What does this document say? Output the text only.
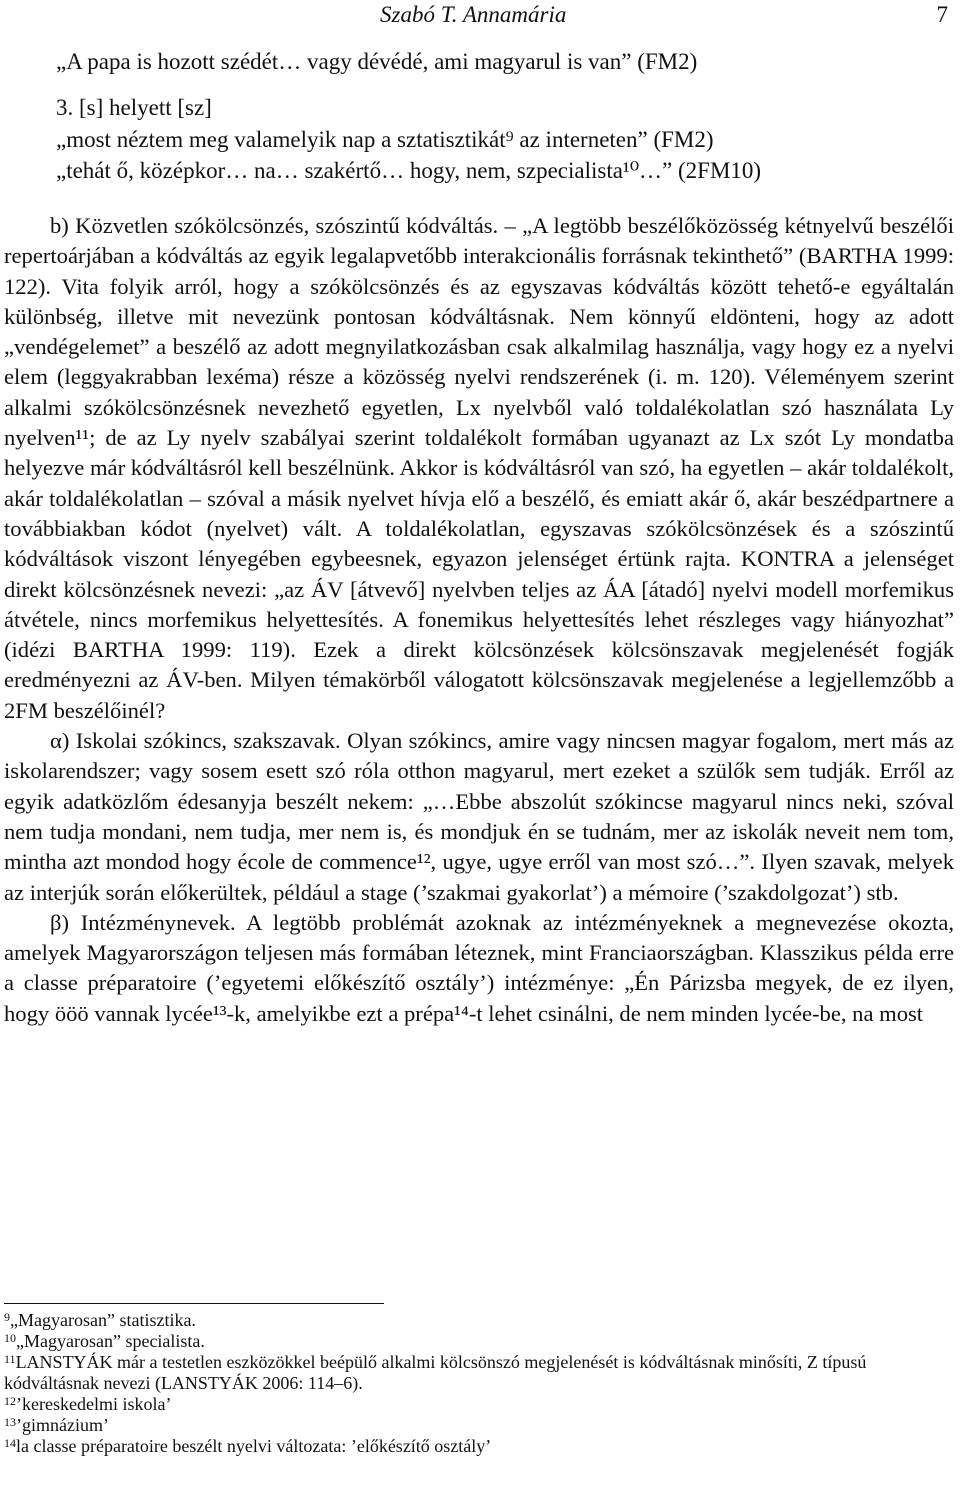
Szabó T. Annamária	7
„A papa is hozott szédét… vagy dévédé, ami magyarul is van” (FM2)
3. [s] helyett [sz]
„most néztem meg valamelyik nap a sztatisztikát⁹ az interneten” (FM2)
„tehát ő, középkor… na… szakértő… hogy, nem, szpecialista¹⁰…” (2FM10)

b) Közvetlen szókölcsönzés, szószintű kódváltás. – „A legtöbb beszélőközösség kétnyelvű beszélői repertoárjában a kódváltás az egyik legalapvetőbb interakcionális forrásnak tekinthető” (BARTHA 1999: 122). Vita folyik arról, hogy a szókölcsönzés és az egyszavas kódváltás között tehető-e egyáltalán különbség, illetve mit nevezünk pontosan kódváltásnak. Nem könnyű eldönteni, hogy az adott „vendégelemet” a beszélő az adott megnyilatkozásban csak alkalmilag használja, vagy hogy ez a nyelvi elem (leggyakrabban lexéma) része a közösség nyelvi rendszerének (i. m. 120). Véleményem szerint alkalmi szókölcsönzésnek nevezhető egyetlen, Lx nyelvből való toldalékolatlan szó használata Ly nyelven¹¹; de az Ly nyelv szabályai szerint toldalékolt formában ugyanazt az Lx szót Ly mondatba helyezve már kódváltásról kell beszélnünk. Akkor is kódváltásról van szó, ha egyetlen – akár toldalékolt, akár toldalékolatlan – szóval a másik nyelvet hívja elő a beszélő, és emiatt akár ő, akár beszédpartnere a továbbiakban kódot (nyelvet) vált. A toldalékolatlan, egyszavas szókölcsönzések és a szószintű kódváltások viszont lényegében egybeesnek, egyazon jelenséget értünk rajta. KONTRA a jelenséget direkt kölcsönzésnek nevezi: „az ÁV [átvevő] nyelvben teljes az ÁA [átadó] nyelvi modell morfemikus átvétele, nincs morfemikus helyettesítés. A fonemikus helyettesítés lehet részleges vagy hiányozhat” (idézi BARTHA 1999: 119). Ezek a direkt kölcsönzések kölcsönszavak megjelenését fogják eredményezni az ÁV-ben. Milyen témakörből válogatott kölcsönszavak megjelenése a legjellemzőbb a 2FM beszélőinél?

α) Iskolai szókincs, szakszavak. Olyan szókincs, amire vagy nincsen magyar fogalom, mert más az iskolarendszer; vagy sosem esett szó róla otthon magyarul, mert ezeket a szülők sem tudják. Erről az egyik adatközlőm édesanyja beszélt nekem: „…Ebbe abszolút szókincse magyarul nincs neki, szóval nem tudja mondani, nem tudja, mer nem is, és mondjuk én se tudnám, mer az iskolák neveit nem tom, mintha azt mondod hogy école de commence¹², ugye, ugye erről van most szó…”. Ilyen szavak, melyek az interjúk során előkerültek, például a stage (’szakmai gyakorlat’) a mémoire (’szakdolgozat’) stb.

β) Intézménynevek. A legtöbb problémát azoknak az intézményeknek a megnevezése okozta, amelyek Magyarországon teljesen más formában léteznek, mint Franciaországban. Klasszikus példa erre a classe préparatoire (’egyetemi előkészítő osztály’) intézménye: „Én Párizsba megyek, de ez ilyen, hogy ööö vannak lycée¹³-k, amelyikbe ezt a prépa¹⁴-t lehet csinálni, de nem minden lycée-be, na most

$^9$„Magyarosan” statisztika.

$^{10}$„Magyarosan” specialista.

$^{11}$LANSTYÁK már a testetlen eszközökkel beépülő alkalmi kölcsönszó megjelenését is kódváltásnak minősíti, Z típusú kódváltásnak nevezi (LANSTYÁK 2006: 114–6).

$^{12}$’kereskedelmi iskola’

$^{13}$’gimnázium’

$^{14}$la classe préparatoire beszélt nyelvi változata: ’előkészítő osztály’
